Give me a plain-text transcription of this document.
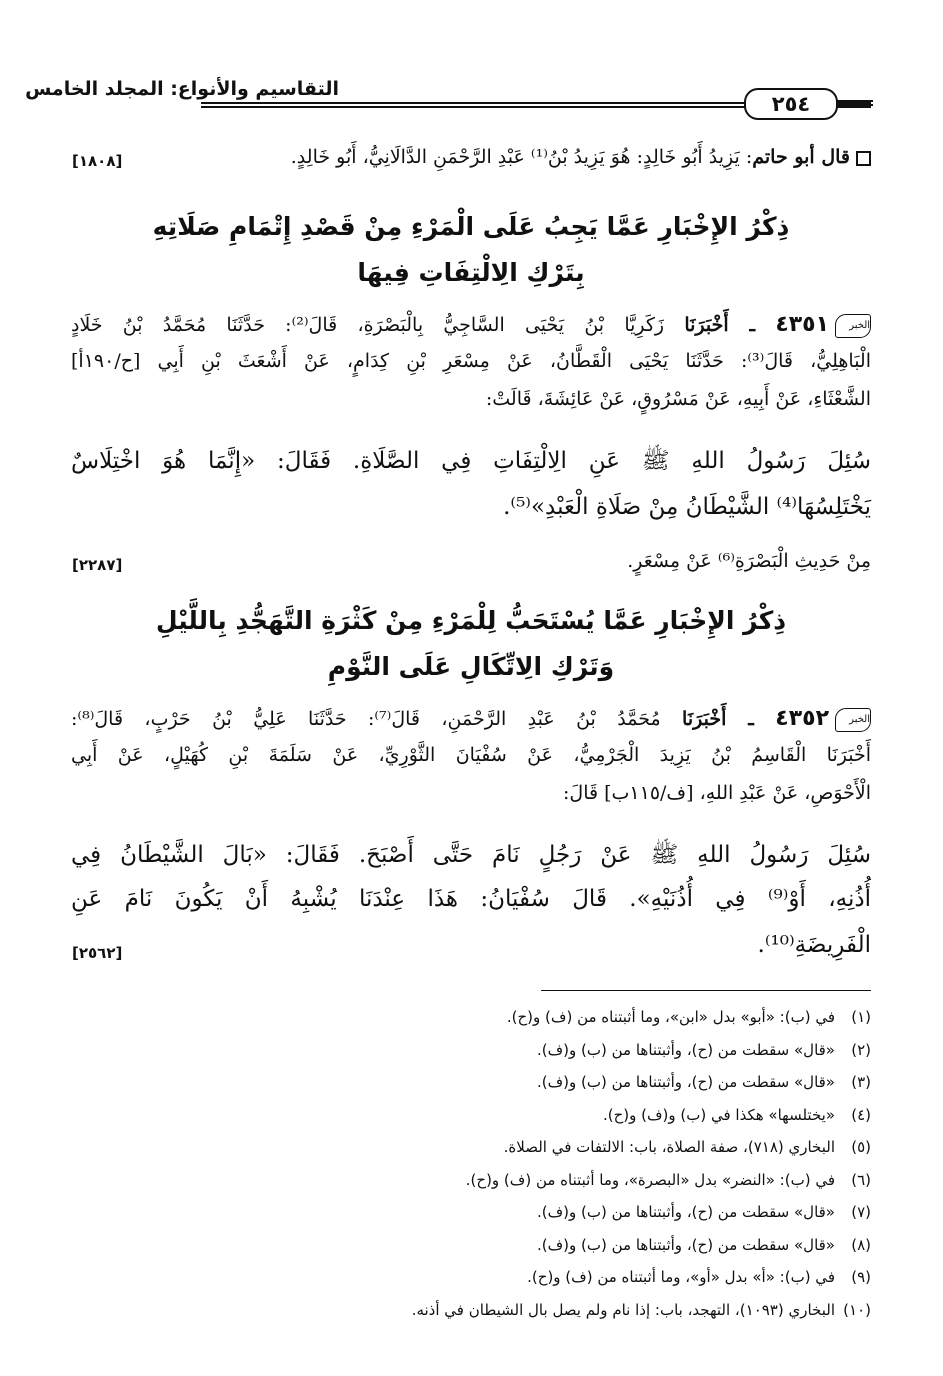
التقاسيم والأنواع: المجلد الخامس
٢٥٤
قال أبو حاتم: يَزِيدُ أَبُو خَالِدٍ: هُوَ يَزِيدُ بْنُ⁽¹⁾ عَبْدِ الرَّحْمَنِ الدَّالَانِيُّ، أَبُو خَالِدٍ.
[١٨٠٨]
ذِكْرُ الإِخْبَارِ عَمَّا يَجِبُ عَلَى الْمَرْءِ مِنْ قَصْدِ إِتْمَامِ صَلَاتِهِ
بِتَرْكِ الِالْتِفَاتِ فِيهَا
الخبر٤٣٥١ ـ أَخْبَرَنَا زَكَرِيَّا بْنُ يَحْيَى السَّاجِيُّ بِالْبَصْرَةِ، قَالَ⁽²⁾: حَدَّثَنَا مُحَمَّدُ بْنُ خَلَادٍ
الْبَاهِلِيُّ، قَالَ⁽³⁾: حَدَّثَنَا يَحْيَى الْقَطَّانُ، عَنْ مِسْعَرِ بْنِ كِدَامٍ، عَنْ أَشْعَثَ بْنِ أَبِي [ح/١٩٠أ]
الشَّعْثَاءِ، عَنْ أَبِيهِ، عَنْ مَسْرُوقٍ، عَنْ عَائِشَةَ، قَالَتْ:
سُئِلَ رَسُولُ اللهِ ﷺ عَنِ الِالْتِفَاتِ فِي الصَّلَاةِ. فَقَالَ: «إِنَّمَا هُوَ اخْتِلَاسٌ
يَخْتَلِسُهَا⁽⁴⁾ الشَّيْطَانُ مِنْ صَلَاةِ الْعَبْدِ»⁽⁵⁾.
مِنْ حَدِيثِ الْبَصْرَةِ⁽⁶⁾ عَنْ مِسْعَرٍ.
[٢٢٨٧]
ذِكْرُ الإِخْبَارِ عَمَّا يُسْتَحَبُّ لِلْمَرْءِ مِنْ كَثْرَةِ التَّهَجُّدِ بِاللَّيْلِ
وَتَرْكِ الِاتِّكَالِ عَلَى النَّوْمِ
الخبر٤٣٥٢ ـ أَخْبَرَنَا مُحَمَّدُ بْنُ عَبْدِ الرَّحْمَنِ، قَالَ⁽⁷⁾: حَدَّثَنَا عَلِيُّ بْنُ حَرْبٍ، قَالَ⁽⁸⁾:
أَخْبَرَنَا الْقَاسِمُ بْنُ يَزِيدَ الْجَرْمِيُّ، عَنْ سُفْيَانَ الثَّوْرِيِّ، عَنْ سَلَمَةَ بْنِ كُهَيْلٍ، عَنْ أَبِي
الْأَحْوَصِ، عَنْ عَبْدِ اللهِ، [ف/١١٥ب] قَالَ:
سُئِلَ رَسُولُ اللهِ ﷺ عَنْ رَجُلٍ نَامَ حَتَّى أَصْبَحَ. فَقَالَ: «بَالَ الشَّيْطَانُ فِي
أُذُنِهِ، أَوْ⁽⁹⁾ فِي أُذُنَيْهِ». قَالَ سُفْيَانُ: هَذَا عِنْدَنَا يُشْبِهُ أَنْ يَكُونَ نَامَ عَنِ
الْفَرِيضَةِ⁽¹⁰⁾.
[٢٥٦٢]
(١)في (ب): «أبو» بدل «ابن»، وما أثبتناه من (ف) و(ح).
(٢)«قال» سقطت من (ح)، وأثبتناها من (ب) و(ف).
(٣)«قال» سقطت من (ح)، وأثبتناها من (ب) و(ف).
(٤)«يختلسها» هكذا في (ب) و(ف) و(ح).
(٥)البخاري (٧١٨)، صفة الصلاة، باب: الالتفات في الصلاة.
(٦)في (ب): «النضر» بدل «البصرة»، وما أثبتناه من (ف) و(ح).
(٧)«قال» سقطت من (ح)، وأثبتناها من (ب) و(ف).
(٨)«قال» سقطت من (ح)، وأثبتناها من (ب) و(ف).
(٩)في (ب): «أ» بدل «أو»، وما أثبتناه من (ف) و(ح).
(١٠)البخاري (١٠٩٣)، التهجد، باب: إذا نام ولم يصل بال الشيطان في أذنه.
